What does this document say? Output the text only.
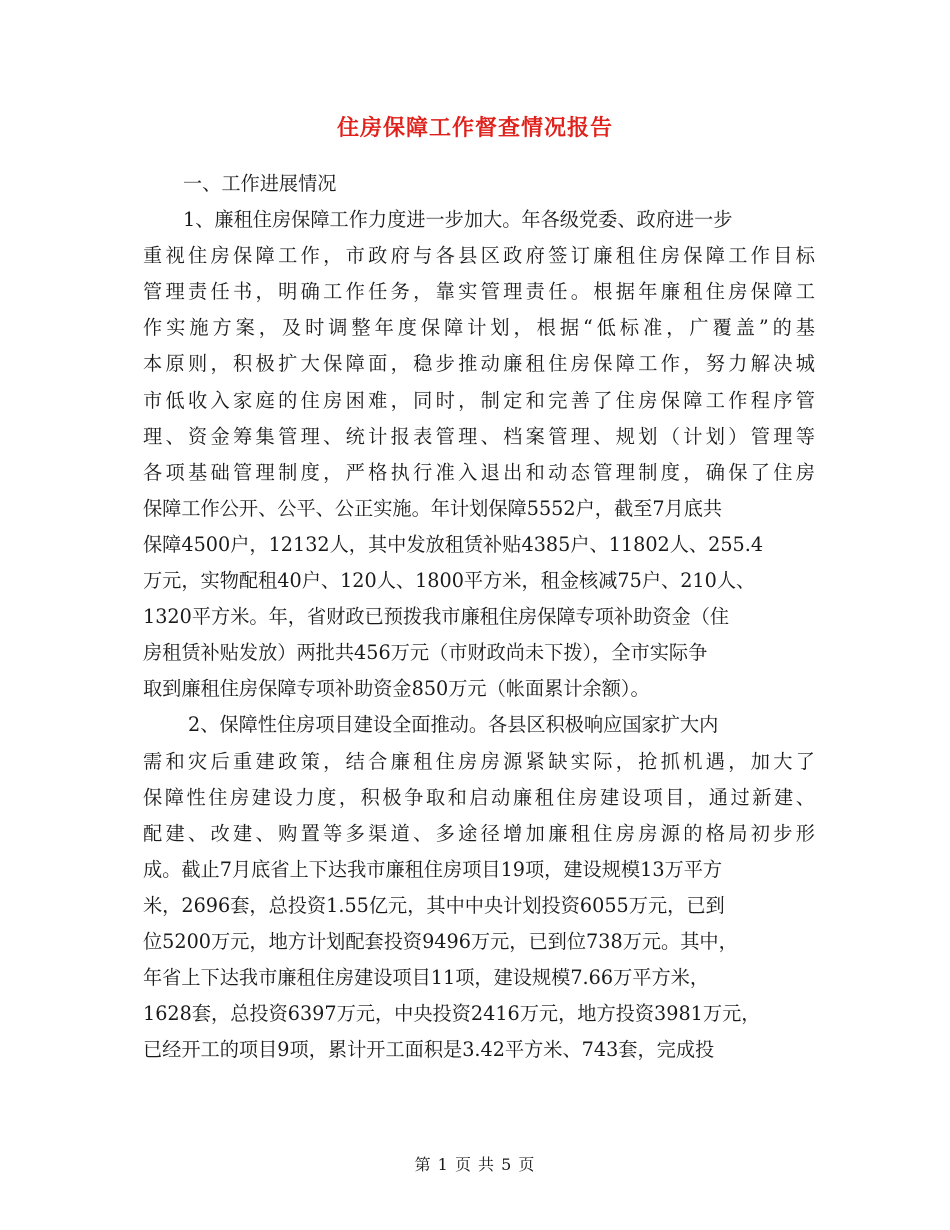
住房保障工作督查情况报告
一、工作进展情况
1、廉租住房保障工作力度进一步加大。年各级党委、政府进一步
重视住房保障工作，市政府与各县区政府签订廉租住房保障工作目标
管理责任书，明确工作任务，靠实管理责任。根据年廉租住房保障工
作实施方案，及时调整年度保障计划，根据“低标准，广覆盖”的基
本原则，积极扩大保障面，稳步推动廉租住房保障工作，努力解决城
市低收入家庭的住房困难，同时，制定和完善了住房保障工作程序管
理、资金筹集管理、统计报表管理、档案管理、规划（计划）管理等
各项基础管理制度，严格执行准入退出和动态管理制度，确保了住房
保障工作公开、公平、公正实施。年计划保障5552户，截至7月底共
保障4500户，12132人，其中发放租赁补贴4385户、11802人、255.4
万元，实物配租40户、120人、1800平方米，租金核减75户、210人、
1320平方米。年，省财政已预拨我市廉租住房保障专项补助资金（住
房租赁补贴发放）两批共456万元（市财政尚未下拨），全市实际争
取到廉租住房保障专项补助资金850万元（帐面累计余额）。
2、保障性住房项目建设全面推动。各县区积极响应国家扩大内
需和灾后重建政策，结合廉租住房房源紧缺实际，抢抓机遇，加大了
保障性住房建设力度，积极争取和启动廉租住房建设项目，通过新建、
配建、改建、购置等多渠道、多途径增加廉租住房房源的格局初步形
成。截止7月底省上下达我市廉租住房项目19项，建设规模13万平方
米，2696套，总投资1.55亿元，其中中央计划投资6055万元，已到
位5200万元，地方计划配套投资9496万元，已到位738万元。其中，
年省上下达我市廉租住房建设项目11项，建设规模7.66万平方米，
1628套，总投资6397万元，中央投资2416万元，地方投资3981万元，
已经开工的项目9项，累计开工面积是3.42平方米、743套，完成投
第 1 页 共 5 页
